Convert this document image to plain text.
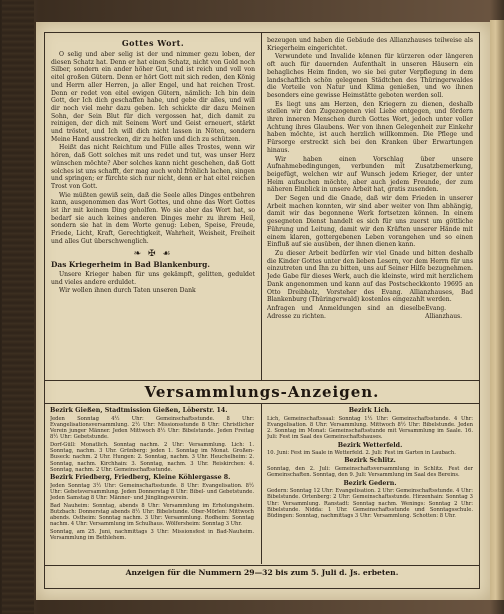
Gottes Wort.

O selig und aber selig ist der und nimmer gezu loben, der diesen Schatz hat. Denn er hat einen Schatz, nicht von Gold noch Silber, sondern ein ander höher Gut, und ist reich und voll von eitel großen Gütern. Denn er hört Gott mit sich reden, den König und Herrn aller Herren, ja aller Engel, und hat reichen Trost. Denn er redet von eitel ewigen Gütern, nämlich: Ich bin dein Gott, der Ich dich geschaffen habe, und gebe dir alles, und will dir noch viel mehr dazu geben. Ich schickte dir dazu Meinen Sohn, der Sein Blut für dich vergossen hat, dich damit zu reinigen, der dich mit Seinem Wort und Geist erneuert, stärkt und tröstet, und Ich will dich nicht lassen in Nöten, sondern Meine Hand ausstrecken, dir zu helfen und dich zu schützen.

Heißt das nicht Reichtum und Fülle alles Trostes, wenn wir hören, daß Gott solches mit uns redet und tut, was unser Herz wünschen möchte? Aber solches kann nicht geschehen, daß Gott solches ist uns schafft, der mag auch wohl fröhlich lachen, singen und springen; er fürchte sich nur nicht, denn er hat eitel reichen Trost von Gott.

Wie müßten gewiß sein, daß die Seele alles Dinges entbehren kann, ausgenommen das Wort Gottes, und ohne das Wort Gottes ist ihr mit keinem Ding geholfen. Wo sie aber das Wort hat, so bedarf sie auch keines anderen Dinges mehr zu ihrem Heil, sondern sie hat in dem Worte genug: Leben, Speise, Freude, Friede, Licht, Kraft, Gerechtigkeit, Wahrheit, Weisheit, Freiheit und alles Gut überschwenglich.

❧ ✠ ☙
Das Kriegerheim in Bad Blankenburg.

Unsere Krieger haben für uns gekämpft, gelitten, geduldet und vieles andere erduldet.

Wir wollen ihnen durch Taten unseren Dank

bezeugen und haben die Gebäude des Allianzhauses teilweise als Kriegerheim eingerichtet.

Verwundete und Invalide können für kürzeren oder längeren oft auch für dauernden Aufenthalt in unseren Häusern ein behagliches Heim finden, wo sie bei guter Verpflegung in dem landschaftlich schön gelegenen Städtchen des Thüringerwaldes die Vorteile von Natur und Klima genießen, und wo ihnen besonders eine gewisse Heimstätte geboten werden soll.

Es liegt uns am Herzen, den Kriegern zu dienen, deshalb stellen wir den Zugezogenen viel Liebe entgegen, und fördern ihren inneren Menschen durch Gottes Wort, jedoch unter voller Achtung ihres Glaubens. Wer von ihnen Gelegenheit zur Einkehr haben möchte, ist auch herzlich willkommen. Die Pflege und Fürsorge erstreckt sich bei den Kranken über Erwartungen hinaus.

Wir haben einen Vorschlag über unsere Aufnahmebedingungen, verbunden mit Zusatzbemerkung, beigefügt, welchen wir auf Wunsch jedem Krieger, der unter Heim aufsuchen möchte, aber auch jedem Freunde, der zum näheren Einblick in unsere Arbeit hat, gratis zusenden.

Der Segen und die Gnade, daß wir dem Frieden in unserer Arbeit machen konnten, wir sind aber weiter von Ihm abhängig, damit wir das begonnene Werk fortsetzen können. In einem gesegneten Dienst handelt es sich für uns zuerst um göttliche Führung und Leitung, damit wir den Kräften unserer Hände mit einem klaren, gottergebenen Leben vorangehen und so einen Einfluß auf sie ausüben, der ihnen dienen kann.

Zu dieser Arbeit bedürfen wir viel Gnade und bitten deshalb die Kinder Gottes unter den lieben Lesern, vor dem Herrn für uns einzutreten und Ihn zu bitten, uns auf Seiner Hilfe bezugnehmen. Jede Gabe für dieses Werk, auch die kleinste, wird mit herzlichem Dank angenommen und kann auf das Postscheckkonto 19695 an Otto Dreibholz, Vorsteher des Evang. Allianzhauses, Bad Blankenburg (Thüringerwald) kostenlos eingezahlt werden.

Anfragen und Anmeldungen sind an dieselbe Adresse zu richten.
Evang. Allianzhaus.
Versammlungs-Anzeigen.
Bezirk Gießen, Stadtmission Gießen, Löberstr. 14.

Jeden Sonntag 4½ Uhr: Gemeinschaftsstunde. 8 Uhr: Evangelisationsversammlung. 2½ Uhr: Missionsstunde 8 Uhr: Christlicher Verein junger Männer. Jeden Mittwoch 8½ Uhr: Bibelstunde. Jeden Freitag 8½ Uhr: Gebetstunde.

Dorf-Güll: Monatlich. Sonntag nachm. 2 Uhr: Versammlung. Lich: 1. Sonntag, nachm. 3 Uhr. Grünberg: jeden 1. Sonntag im Monat. Großen-Buseck: nachm. 2 Uhr. Hungen: 2. Sonntag, nachm. 3 Uhr. Heuchelheim: 2. Sonntag, nachm. Kirchhain: 3. Sonntag, nachm. 3 Uhr. Reiskirchen: 4. Sonntag, nachm. 2 Uhr. Gemeinschaftsstunde.

Bezirk Friedberg, Friedberg, Kleine Köhlergasse 8.

Jeden Sonntag 3½ Uhr: Gemeinschaftsstunde. 8 Uhr: Evangelisation. 8½ Uhr: Gebetsversammlung. Jeden Donnerstag 8 Uhr: Bibel- und Gebetstunde. Jeden Samstag 8 Uhr: Männer- und Jünglingsverein.

Bad Nauheim: Sonntag, abends 8 Uhr: Versammlung im Erholungsheim. Butzbach: Donnerstag abends 8½ Uhr: Bibelstunde. Ober-Mörlen: Mittwoch abends. Ostheim: Sonntag nachm. 3 Uhr: Versammlung. Rodheim: Sonntag nachm. 4 Uhr: Versammlung im Schulhaus. Wölfersheim: Sonntag 3 Uhr.

Sonntag, am 25. Juni, nachmittags 3 Uhr: Missionsfest in Bad-Nauheim. Versammlung im Bethlehem.

Bezirk Lich.

Lich, Gemeinschaftssaal: Sonntag 1½ Uhr: Gemeinschaftsstunde. 4 Uhr: Evangelisation. 8 Uhr: Versammlung. Mittwoch 8½ Uhr: Bibelstunde. Jeden 2. Sonntag im Monat: Gemeinschaftsstunde mit Versammlung im Saale. 16. Juli: Fest im Saal des Gemeinschaftshauses.

Bezirk Wetterfeld.

10. Juni: Fest im Saale in Wetterfeld. 2. Juli: Fest im Garten in Laubach.

Bezirk Schlitz.

Sonntag, den 2. Juli: Gemeinschaftsversammlung in Schlitz. Fest der Gemeinschaften. Sonntag, den 9. Juli: Versammlung im Saal des Bereins.

Bezirk Gedern.

Gedern: Sonntag 12 Uhr: Evangelisation. 2 Uhr: Gemeinschaftsstunde. 4 Uhr: Bibelstunde. Ortenberg: 2 Uhr: Gemeinschaftsstunde. Hirzenhain: Sonntag 3 Uhr: Versammlung. Ranstadt: Sonntag nachm. Wenings: Sonntag 2 Uhr: Bibelstunde. Nidda: 1 Uhr. Gemeinschaftsstunde und Sonntagsschule. Büdingen: Sonntag, nachmittags 3 Uhr: Versammlung. Schotten: 8 Uhr.

Anzeigen für die Nummern 29—32 bis zum 5. Juli d. Js. erbeten.
